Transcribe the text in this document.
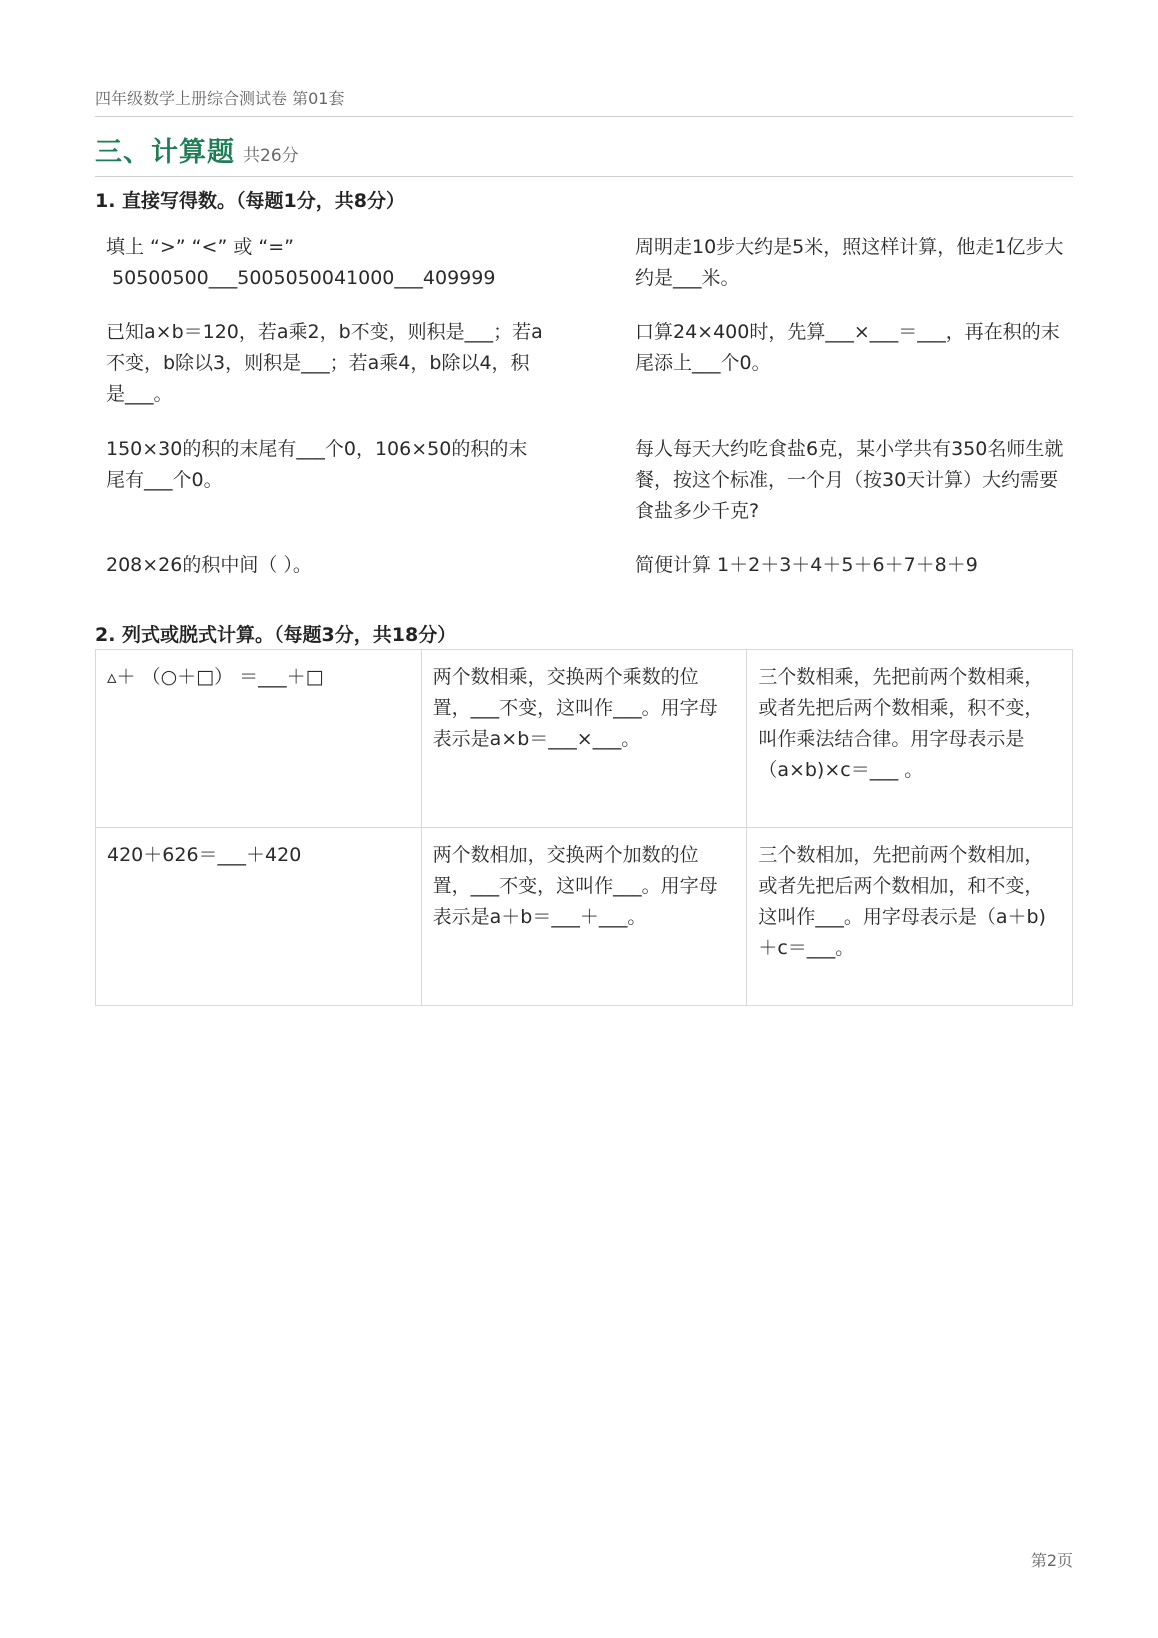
四年级数学上册综合测试卷 第01套
三、计算题 共26分
1. 直接写得数。（每题1分，共8分）
填上 “>” “<” 或 “=”
50500500___5005050041000___409999
周明走10步大约是5米，照这样计算，他走1亿步大约是___米。
已知a×b＝120，若a乘2，b不变，则积是___；若a不变，b除以3，则积是___；若a乘4，b除以4，积是___。
口算24×400时，先算___×___＝___，再在积的末尾添上___个0。
150×30的积的末尾有___个0，106×50的积的末尾有___个0。
每人每天大约吃食盐6克，某小学共有350名师生就餐，按这个标准，一个月（按30天计算）大约需要食盐多少千克?
208×26的积中间（ ）。	简便计算 1＋2＋3＋4＋5＋6＋7＋8＋9
2. 列式或脱式计算。（每题3分，共18分）
▵＋ （○＋□） ＝___＋□	两个数相乘，交换两个乘数的位置，___不变，这叫作___。用字母表示是a×b＝___×___。	三个数相乘，先把前两个数相乘，或者先把后两个数相乘，积不变，叫作乘法结合律。用字母表示是（a×b)×c＝___ 。
420＋626＝___＋420	两个数相加，交换两个加数的位置，___不变，这叫作___。用字母表示是a＋b＝___＋___。	三个数相加，先把前两个数相加，或者先把后两个数相加，和不变，这叫作___。用字母表示是（a＋b)＋c＝___。
第2页
